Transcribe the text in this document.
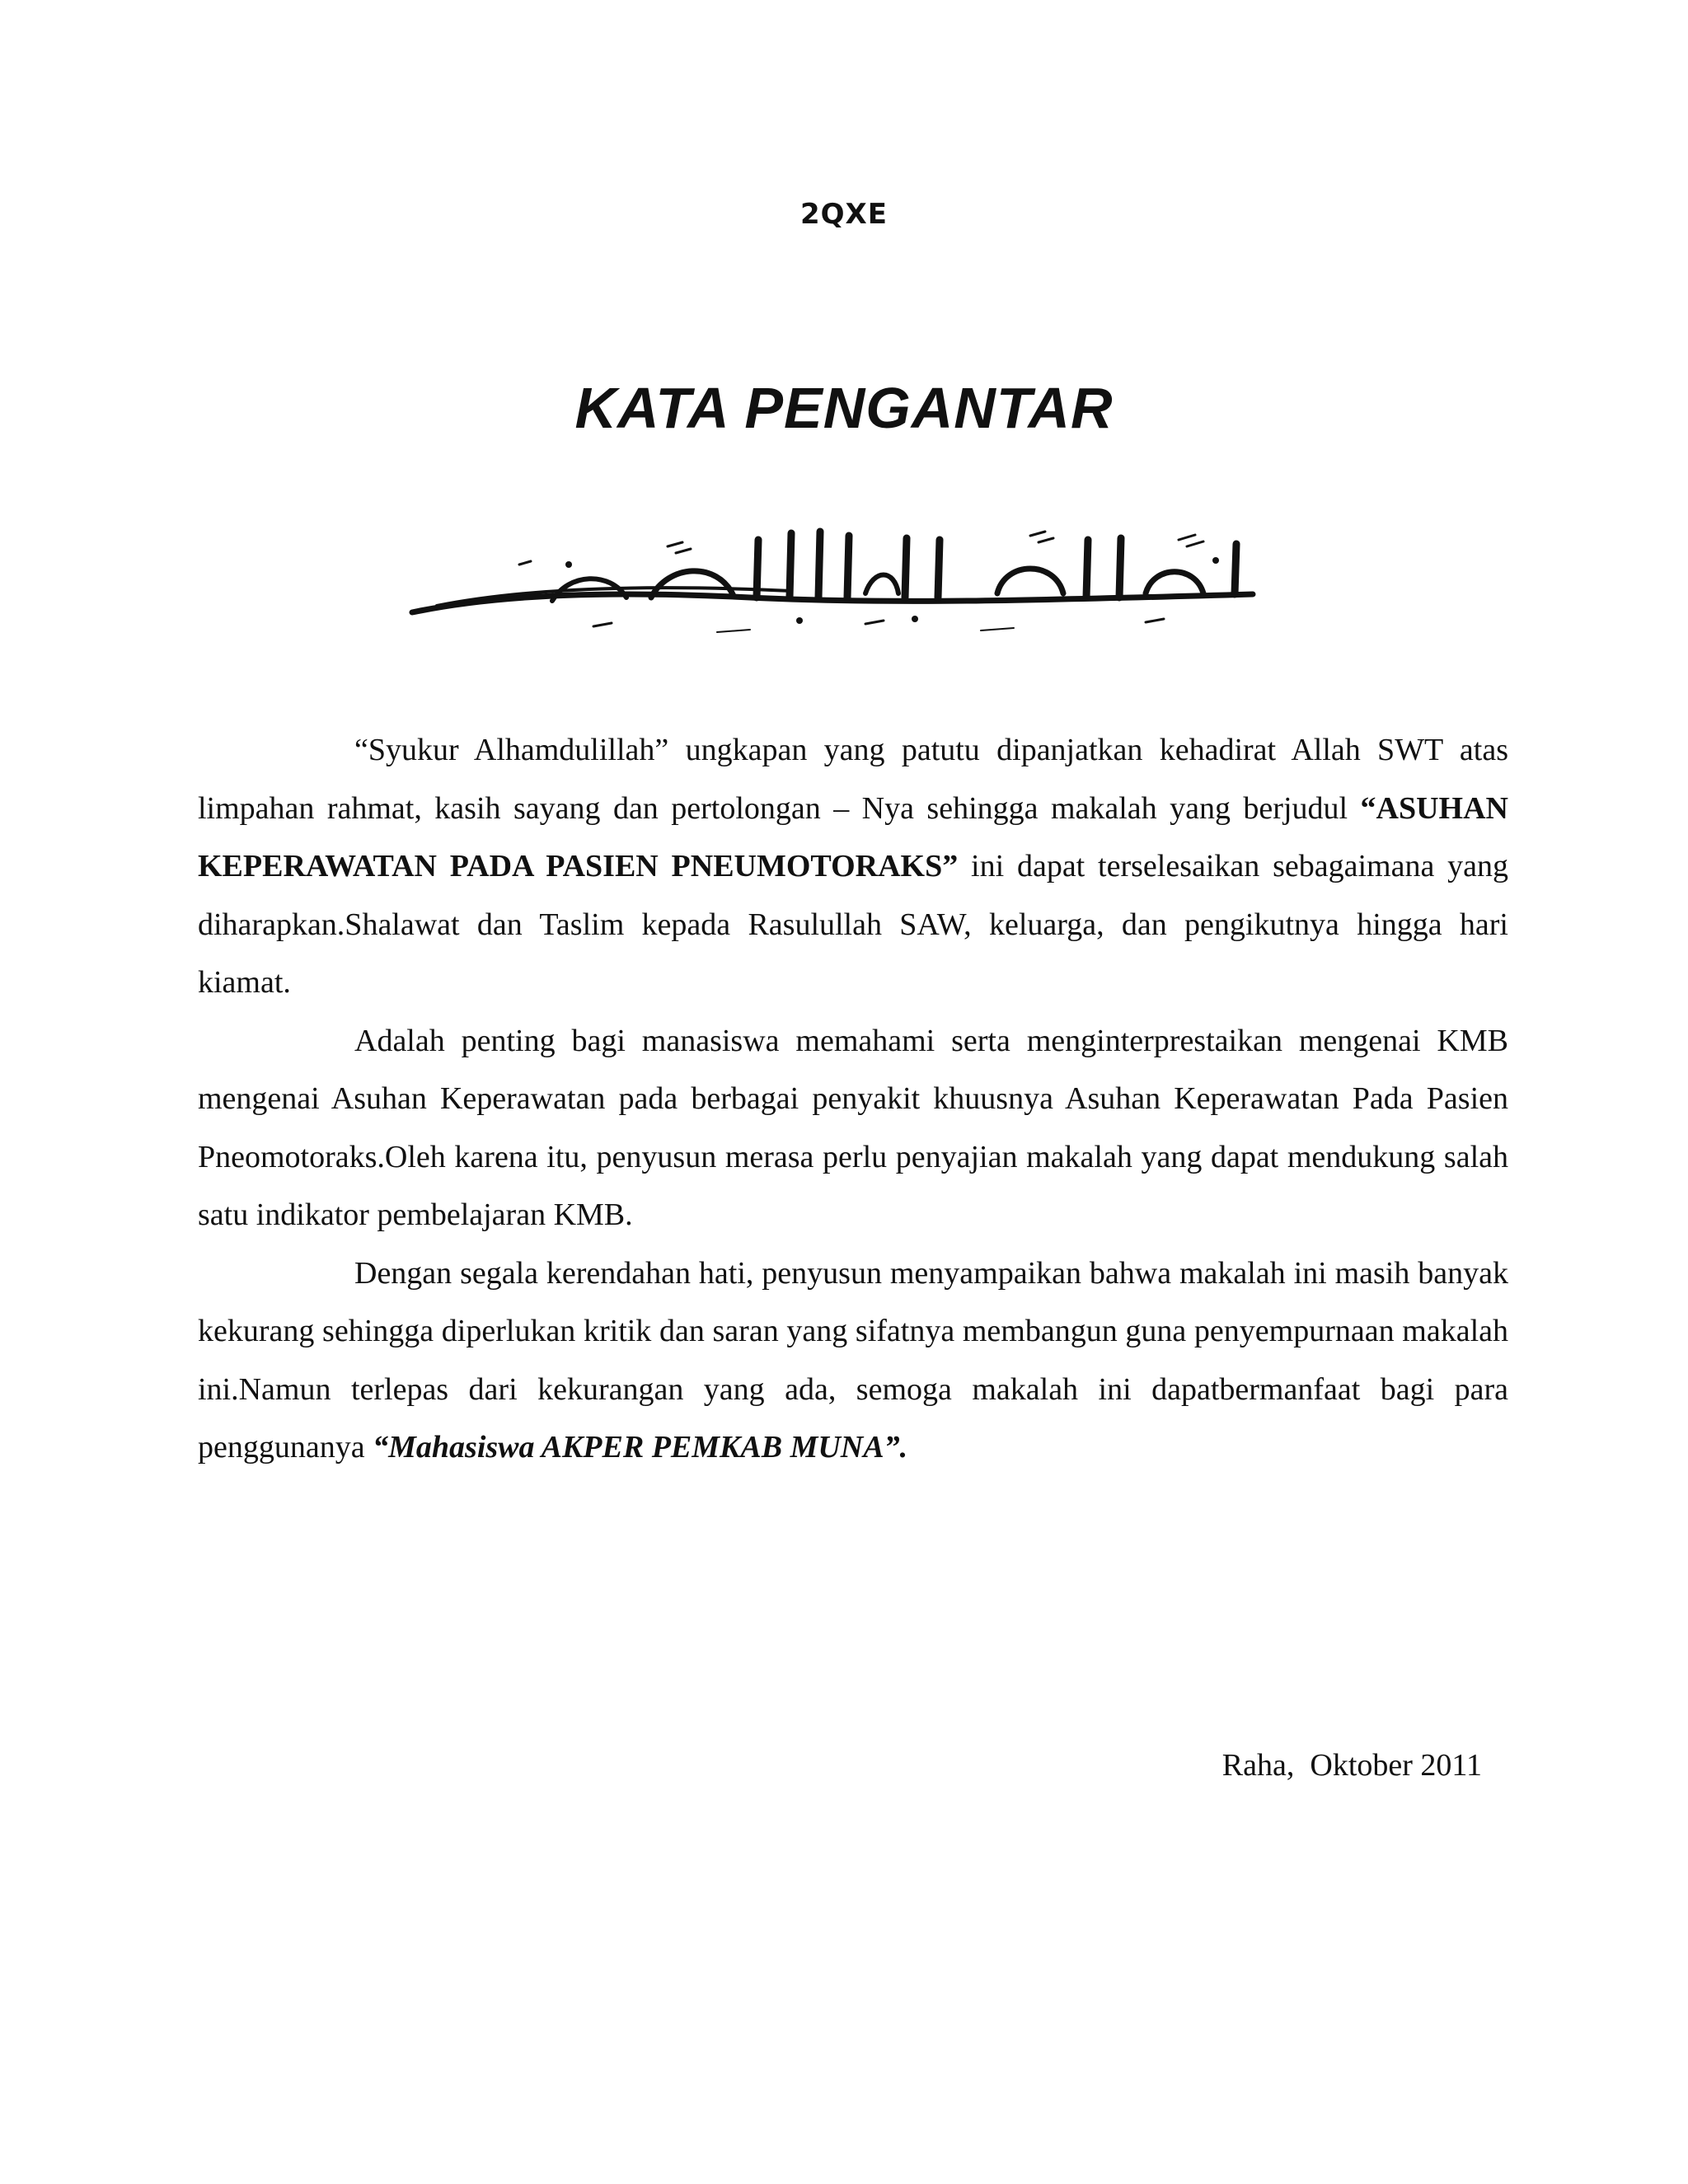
2QXE
KATA PENGANTAR

“Syukur Alhamdulillah” ungkapan yang patutu dipanjatkan kehadirat Allah SWT atas limpahan rahmat, kasih sayang dan pertolongan – Nya sehingga makalah yang berjudul “ASUHAN KEPERAWATAN PADA PASIEN PNEUMOTORAKS” ini dapat terselesaikan sebagaimana yang diharapkan.Shalawat dan Taslim kepada Rasulullah SAW, keluarga, dan pengikutnya hingga hari kiamat.

Adalah penting bagi manasiswa memahami serta menginterprestaikan mengenai KMB mengenai Asuhan Keperawatan pada berbagai penyakit khuusnya Asuhan Keperawatan Pada Pasien Pneomotoraks.Oleh karena itu, penyusun merasa perlu penyajian makalah yang dapat mendukung salah satu indikator pembelajaran KMB.

Dengan segala kerendahan hati, penyusun menyampaikan bahwa makalah ini masih banyak kekurang sehingga diperlukan kritik dan saran yang sifatnya membangun guna penyempurnaan makalah ini.Namun terlepas dari kekurangan yang ada, semoga makalah ini dapatbermanfaat bagi para penggunanya “Mahasiswa AKPER PEMKAB MUNA”.

Raha,  Oktober 2011
